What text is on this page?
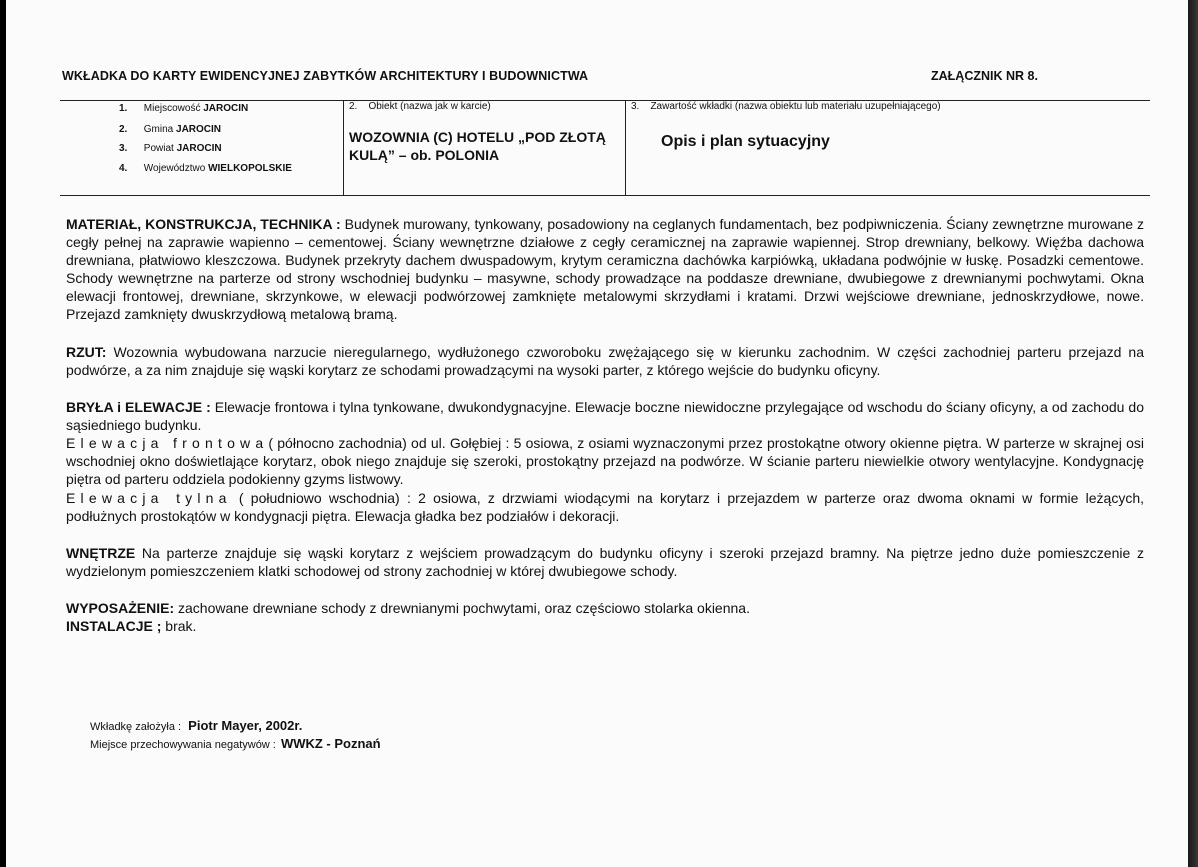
WKŁADKA DO KARTY EWIDENCYJNEJ ZABYTKÓW ARCHITEKTURY I BUDOWNICTWA	ZAŁĄCZNIK NR 8.
1. Miejscowość JAROCIN
2. Gmina JAROCIN
3. Powiat JAROCIN
4. Województwo WIELKOPOLSKIE
2.    Obiekt (nazwa jak w karcie)
WOZOWNIA (C) HOTELU „POD ZŁOTĄ KULĄ” – ob. POLONIA
3.    Zawartość wkładki (nazwa obiektu lub materiału uzupełniającego)
Opis i plan sytuacyjny
MATERIAŁ, KONSTRUKCJA, TECHNIKA : Budynek murowany, tynkowany, posadowiony na ceglanych fundamentach, bez podpiwniczenia. Ściany zewnętrzne murowane z cegły pełnej na zaprawie wapienno – cementowej. Ściany wewnętrzne działowe z cegły ceramicznej na zaprawie wapiennej. Strop drewniany, belkowy. Więźba dachowa drewniana, płatwiowo kleszczowa. Budynek przekryty dachem dwuspadowym, krytym ceramiczna dachówka karpiówką, układana podwójnie w łuskę. Posadzki cementowe. Schody wewnętrzne na parterze od strony wschodniej budynku – masywne, schody prowadzące na poddasze drewniane, dwubiegowe z drewnianymi pochwytami. Okna elewacji frontowej, drewniane, skrzynkowe, w elewacji podwórzowej zamknięte metalowymi skrzydłami i kratami. Drzwi wejściowe drewniane, jednoskrzydłowe, nowe. Przejazd zamknięty dwuskrzydłową metalową bramą.
RZUT: Wozownia wybudowana narzucie nieregularnego, wydłużonego czworoboku zwężającego się w kierunku zachodnim. W części zachodniej parteru przejazd na podwórze, a za nim znajduje się wąski korytarz ze schodami prowadzącymi na wysoki parter, z którego wejście do budynku oficyny.
BRYŁA i ELEWACJE : Elewacje frontowa i tylna tynkowane, dwukondygnacyjne. Elewacje boczne niewidoczne przylegające od wschodu do ściany oficyny, a od zachodu do sąsiedniego budynku.
Elewacja frontowa( północno zachodnia) od ul. Gołębiej : 5 osiowa, z osiami wyznaczonymi przez prostokątne otwory okienne piętra. W parterze w skrajnej osi wschodniej okno doświetlające korytarz, obok niego znajduje się szeroki, prostokątny przejazd na podwórze. W ścianie parteru niewielkie otwory wentylacyjne. Kondygnację piętra od parteru oddziela podokienny gzyms listwowy.
Elewacja tylna ( południowo wschodnia) : 2 osiowa, z drzwiami wiodącymi na korytarz i przejazdem w parterze oraz dwoma oknami w formie leżących, podłużnych prostokątów w kondygnacji piętra. Elewacja gładka bez podziałów i dekoracji.
WNĘTRZE Na parterze znajduje się wąski korytarz z wejściem prowadzącym do budynku oficyny i szeroki przejazd bramny. Na piętrze jedno duże pomieszczenie z wydzielonym pomieszczeniem klatki schodowej od strony zachodniej w której dwubiegowe schody.
WYPOSAŻENIE: zachowane drewniane schody z drewnianymi pochwytami, oraz częściowo stolarka okienna.
INSTALACJE ; brak.
Wkładkę założyła : Piotr Mayer, 2002r.
Miejsce przechowywania negatywów : WWKZ - Poznań
